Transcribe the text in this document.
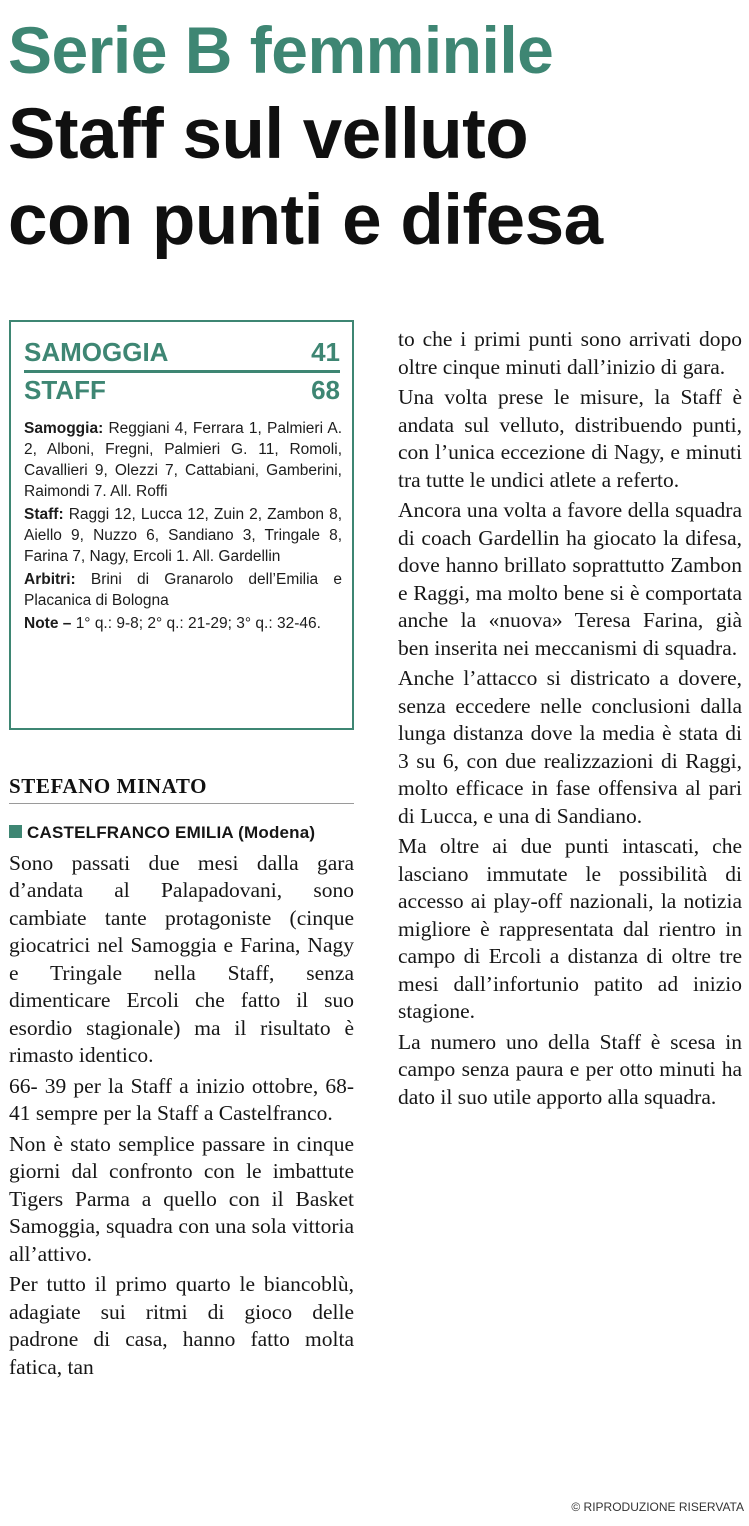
Serie B femminile
Staff sul velluto
con punti e difesa
SAMOGGIA	41
STAFF	68

Samoggia: Reggiani 4, Ferrara 1, Palmieri A. 2, Alboni, Fregni, Palmieri G. 11, Romoli, Cavallieri 9, Olezzi 7, Cattabiani, Gamberini, Raimondi 7. All. Roffi

Staff: Raggi 12, Lucca 12, Zuin 2, Zambon 8, Aiello 9, Nuzzo 6, Sandiano 3, Tringale 8, Farina 7, Nagy, Ercoli 1. All. Gardellin

Arbitri: Brini di Granarolo dell’Emilia e Placanica di Bologna

Note – 1° q.: 9-8; 2° q.: 21-29; 3° q.: 32-46.

STEFANO MINATO

CASTELFRANCO EMILIA (Modena)

Sono passati due mesi dalla gara d’andata al Palapadovani, sono cambiate tante protagoniste (cinque giocatrici nel Samoggia e Farina, Nagy e Tringale nella Staff, senza dimenticare Ercoli che fatto il suo esordio stagionale) ma il risultato è rimasto identico.

66- 39 per la Staff a inizio ottobre, 68-41 sempre per la Staff a Castelfranco.

Non è stato semplice passare in cinque giorni dal confronto con le imbattute Tigers Parma a quello con il Basket Samoggia, squadra con una sola vittoria all’attivo.

Per tutto il primo quarto le biancoblù, adagiate sui ritmi di gioco delle padrone di casa, hanno fatto molta fatica, tan

to che i primi punti sono arrivati dopo oltre cinque minuti dall’inizio di gara.

Una volta prese le misure, la Staff è andata sul velluto, distribuendo punti, con l’unica eccezione di Nagy, e minuti tra tutte le undici atlete a referto.

Ancora una volta a favore della squadra di coach Gardellin ha giocato la difesa, dove hanno brillato soprattutto Zambon e Raggi, ma molto bene si è comportata anche la «nuova» Teresa Farina, già ben inserita nei meccanismi di squadra.

Anche l’attacco si districato a dovere, senza eccedere nelle conclusioni dalla lunga distanza dove la media è stata di 3 su 6, con due realizzazioni di Raggi, molto efficace in fase offensiva al pari di Lucca, e una di Sandiano.

Ma oltre ai due punti intascati, che lasciano immutate le possibilità di accesso ai play-off nazionali, la notizia migliore è rappresentata dal rientro in campo di Ercoli a distanza di oltre tre mesi dall’infortunio patito ad inizio stagione.

La numero uno della Staff è scesa in campo senza paura e per otto minuti ha dato il suo utile apporto alla squadra.

© RIPRODUZIONE RISERVATA
